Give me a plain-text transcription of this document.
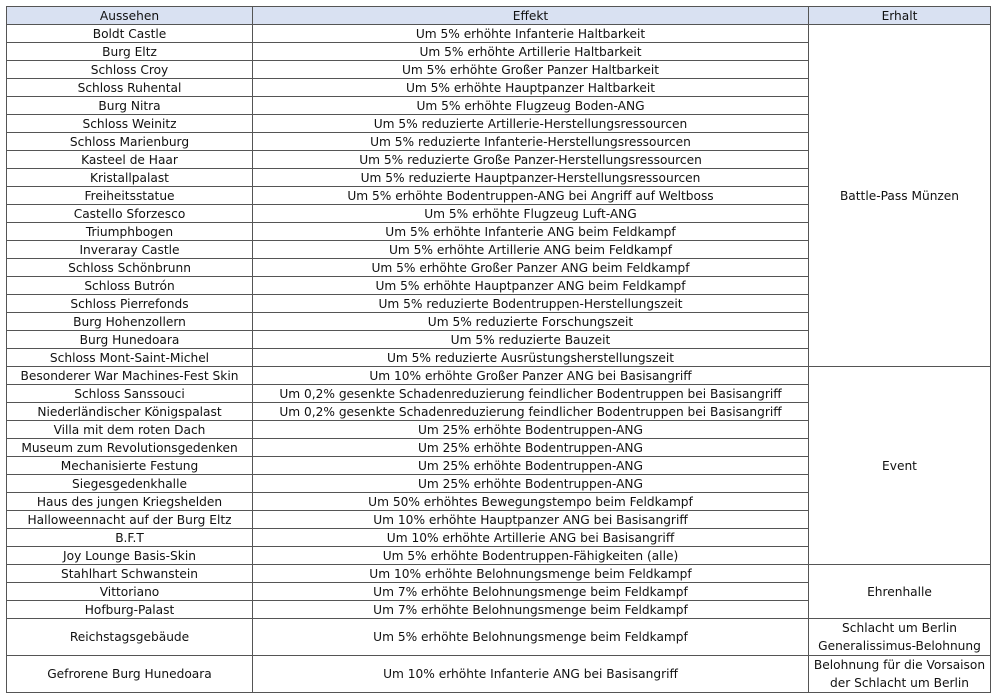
Aussehen	Effekt	Erhalt
Boldt Castle	Um 5% erhöhte Infanterie Haltbarkeit	Battle-Pass Münzen
Burg Eltz	Um 5% erhöhte Artillerie Haltbarkeit	
Schloss Croy	Um 5% erhöhte Großer Panzer Haltbarkeit	
Schloss Ruhental	Um 5% erhöhte Hauptpanzer Haltbarkeit	
Burg Nitra	Um 5% erhöhte Flugzeug Boden-ANG	
Schloss Weinitz	Um 5% reduzierte Artillerie-Herstellungsressourcen	
Schloss Marienburg	Um 5% reduzierte Infanterie-Herstellungsressourcen	
Kasteel de Haar	Um 5% reduzierte Große Panzer-Herstellungsressourcen	
Kristallpalast	Um 5% reduzierte Hauptpanzer-Herstellungsressourcen	
Freiheitsstatue	Um 5% erhöhte Bodentruppen-ANG bei Angriff auf Weltboss	
Castello Sforzesco	Um 5% erhöhte Flugzeug Luft-ANG	
Triumphbogen	Um 5% erhöhte Infanterie ANG beim Feldkampf	
Inveraray Castle	Um 5% erhöhte Artillerie ANG beim Feldkampf	
Schloss Schönbrunn	Um 5% erhöhte Großer Panzer ANG beim Feldkampf	
Schloss Butrón	Um 5% erhöhte Hauptpanzer ANG beim Feldkampf	
Schloss Pierrefonds	Um 5% reduzierte Bodentruppen-Herstellungszeit	
Burg Hohenzollern	Um 5% reduzierte Forschungszeit	
Burg Hunedoara	Um 5% reduzierte Bauzeit	
Schloss Mont-Saint-Michel	Um 5% reduzierte Ausrüstungsherstellungszeit	
Besonderer War Machines-Fest Skin	Um 10% erhöhte Großer Panzer ANG bei Basisangriff	Event
Schloss Sanssouci	Um 0,2% gesenkte Schadenreduzierung feindlicher Bodentruppen bei Basisangriff	
Niederländischer Königspalast	Um 0,2% gesenkte Schadenreduzierung feindlicher Bodentruppen bei Basisangriff	
Villa mit dem roten Dach	Um 25% erhöhte Bodentruppen-ANG	
Museum zum Revolutionsgedenken	Um 25% erhöhte Bodentruppen-ANG	
Mechanisierte Festung	Um 25% erhöhte Bodentruppen-ANG	
Siegesgedenkhalle	Um 25% erhöhte Bodentruppen-ANG	
Haus des jungen Kriegshelden	Um 50% erhöhtes Bewegungstempo beim Feldkampf	
Halloweennacht auf der Burg Eltz	Um 10% erhöhte Hauptpanzer ANG bei Basisangriff	
B.F.T	Um 10% erhöhte Artillerie ANG bei Basisangriff	
Joy Lounge Basis-Skin	Um 5% erhöhte Bodentruppen-Fähigkeiten (alle)	
Stahlhart Schwanstein	Um 10% erhöhte Belohnungsmenge beim Feldkampf	Ehrenhalle
Vittoriano	Um 7% erhöhte Belohnungsmenge beim Feldkampf	
Hofburg-Palast	Um 7% erhöhte Belohnungsmenge beim Feldkampf	
Reichstagsgebäude	Um 5% erhöhte Belohnungsmenge beim Feldkampf	Schlacht um Berlin
Generalissimus-Belohnung

Gefrorene Burg Hunedoara	Um 10% erhöhte Infanterie ANG bei Basisangriff	Belohnung für die Vorsaison
der Schlacht um Berlin
